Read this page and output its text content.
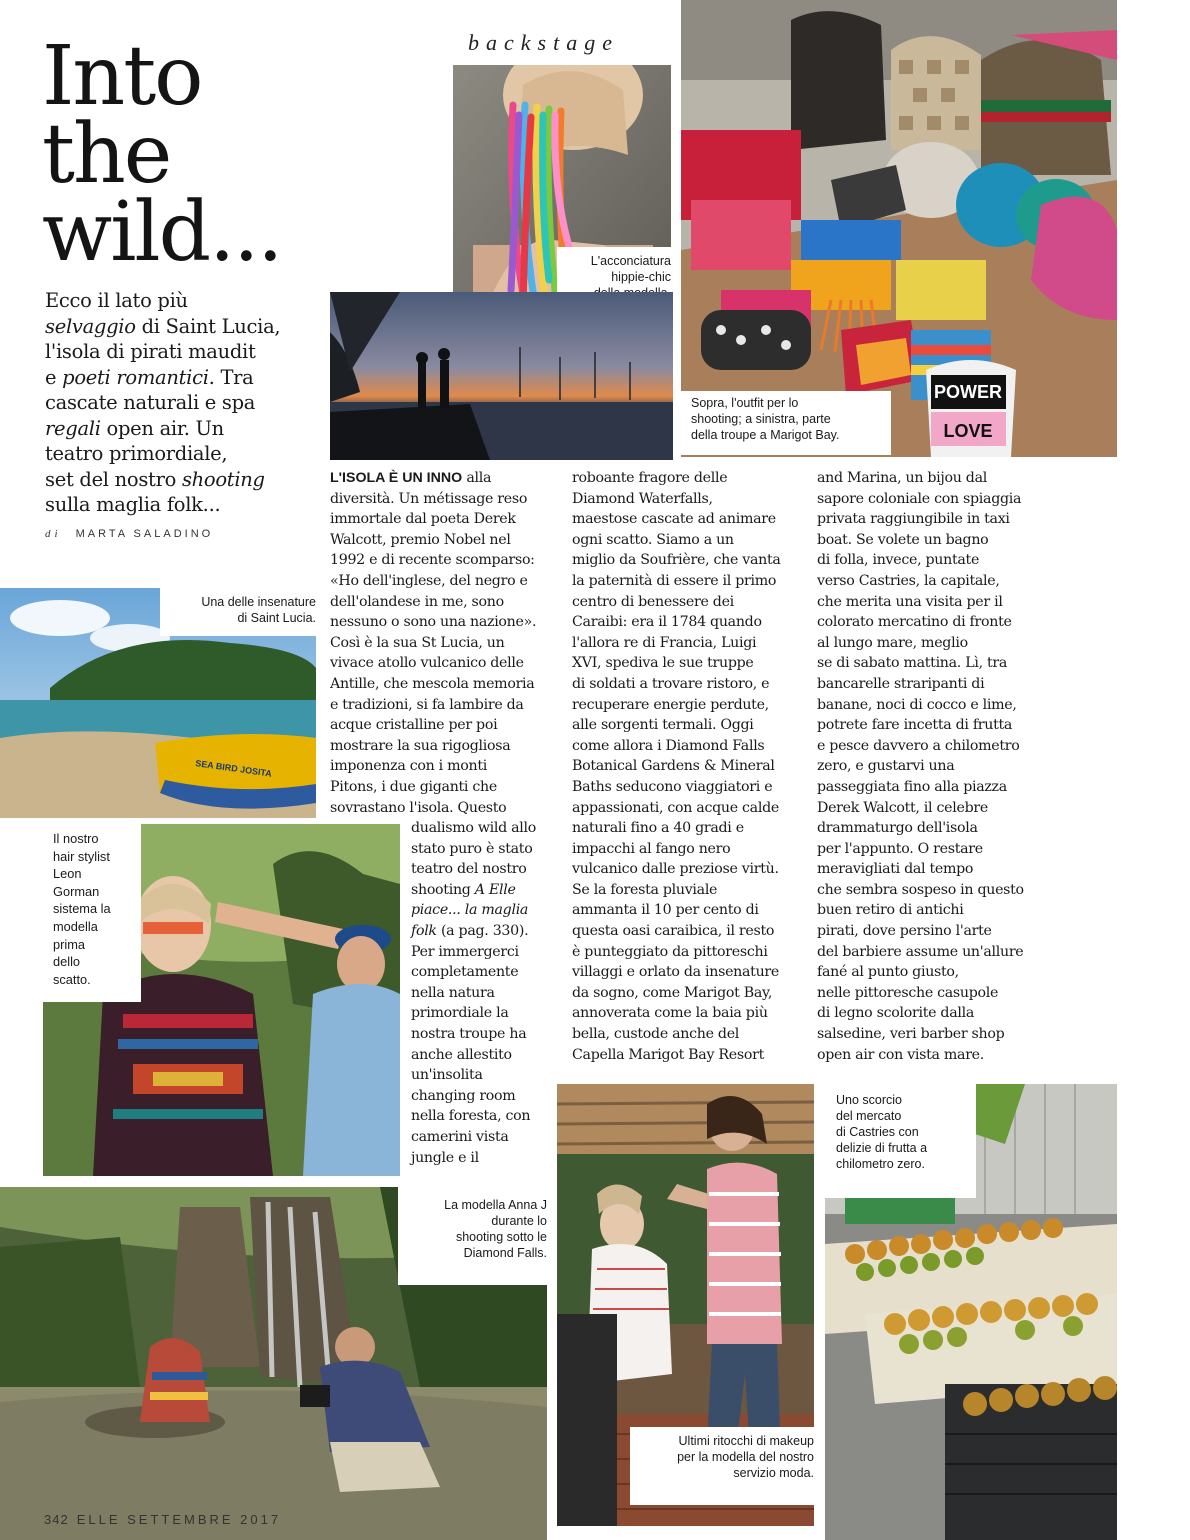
Into
the
wild...
Ecco il lato più
selvaggio di Saint Lucia,
l'isola di pirati maudit
e poeti romantici. Tra
cascate naturali e spa
regali open air. Un
teatro primordiale,
set del nostro shooting
sulla maglia folk...
di MARTA SALADINO
backstage
L'acconciatura
hippie-chic
POWER
LOVE
Sopra, l'outfit per lo
shooting; a sinistra, parte
della troupe a Marigot Bay.
SEA BIRD JOSITA
Una delle insenature
di Saint Lucia.
Il nostro
hair stylist
Leon
Gorman
sistema la
modella
prima
dello
scatto.
La modella Anna J
durante lo
shooting sotto le
Diamond Falls.
Ultimi ritocchi di makeup
per la modella del nostro
servizio moda.
Uno scorcio
del mercato
di Castries con
delizie di frutta a
chilometro zero.
L'ISOLA È UN INNO alla
diversità. Un métissage reso
immortale dal poeta Derek
Walcott, premio Nobel nel
1992 e di recente scomparso:
«Ho dell'inglese, del negro e
dell'olandese in me, sono
nessuno o sono una nazione».
Così è la sua St Lucia, un
vivace atollo vulcanico delle
Antille, che mescola memoria
e tradizioni, si fa lambire da
acque cristalline per poi
mostrare la sua rigogliosa
imponenza con i monti
Pitons, i due giganti che
sovrastano l'isola. Questo
dualismo wild allo
stato puro è stato
teatro del nostro
shooting A Elle
piace... la maglia
folk (a pag. 330).
Per immergerci
completamente
nella natura
primordiale la
nostra troupe ha
anche allestito
un'insolita
changing room
nella foresta, con
camerini vista
jungle e il
roboante fragore delle
Diamond Waterfalls,
maestose cascate ad animare
ogni scatto. Siamo a un
miglio da Soufrière, che vanta
la paternità di essere il primo
centro di benessere dei
Caraibi: era il 1784 quando
l'allora re di Francia, Luigi
XVI, spediva le sue truppe
di soldati a trovare ristoro, e
recuperare energie perdute,
alle sorgenti termali. Oggi
come allora i Diamond Falls
Botanical Gardens & Mineral
Baths seducono viaggiatori e
appassionati, con acque calde
naturali fino a 40 gradi e
impacchi al fango nero
vulcanico dalle preziose virtù.
Se la foresta pluviale
ammanta il 10 per cento di
questa oasi caraibica, il resto
è punteggiato da pittoreschi
villaggi e orlato da insenature
da sogno, come Marigot Bay,
annoverata come la baia più
bella, custode anche del
Capella Marigot Bay Resort
and Marina, un bijou dal
sapore coloniale con spiaggia
privata raggiungibile in taxi
boat. Se volete un bagno
di folla, invece, puntate
verso Castries, la capitale,
che merita una visita per il
colorato mercatino di fronte
al lungo mare, meglio
se di sabato mattina. Lì, tra
bancarelle straripanti di
banane, noci di cocco e lime,
potrete fare incetta di frutta
e pesce davvero a chilometro
zero, e gustarvi una
passeggiata fino alla piazza
Derek Walcott, il celebre
drammaturgo dell'isola
per l'appunto. O restare
meravigliati dal tempo
che sembra sospeso in questo
buen retiro di antichi
pirati, dove persino l'arte
del barbiere assume un'allure
fané al punto giusto,
nelle pittoresche casupole
di legno scolorite dalla
salsedine, veri barber shop
open air con vista mare.
342 ELLE SETTEMBRE 2017
